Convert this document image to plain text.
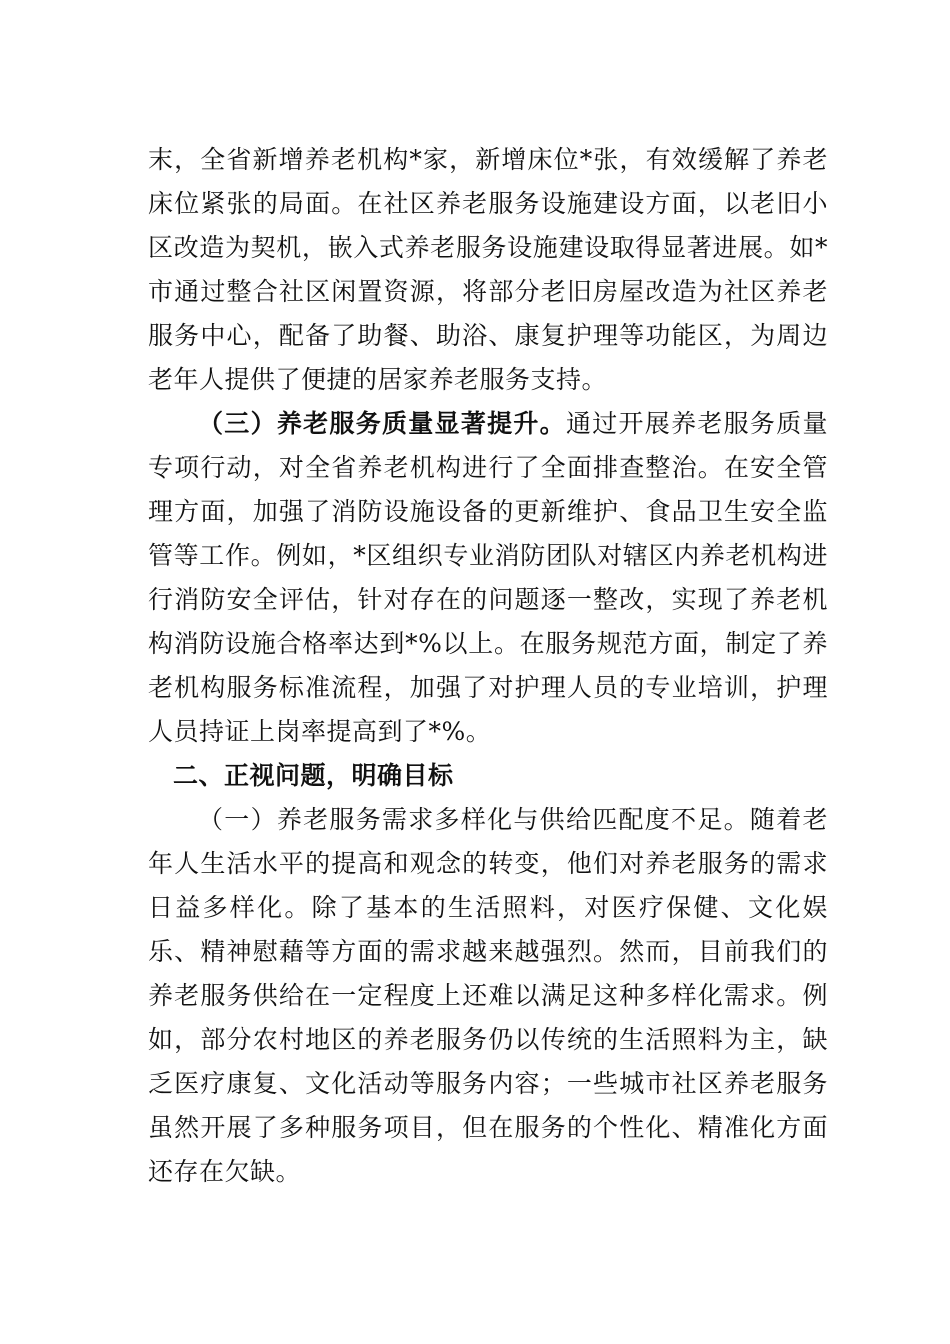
末，全省新增养老机构*家，新增床位*张，有效缓解了养老床位紧张的局面。在社区养老服务设施建设方面，以老旧小区改造为契机，嵌入式养老服务设施建设取得显著进展。如*市通过整合社区闲置资源，将部分老旧房屋改造为社区养老服务中心，配备了助餐、助浴、康复护理等功能区，为周边老年人提供了便捷的居家养老服务支持。

（三）养老服务质量显著提升。通过开展养老服务质量专项行动，对全省养老机构进行了全面排查整治。在安全管理方面，加强了消防设施设备的更新维护、食品卫生安全监管等工作。例如，*区组织专业消防团队对辖区内养老机构进行消防安全评估，针对存在的问题逐一整改，实现了养老机构消防设施合格率达到*%以上。在服务规范方面，制定了养老机构服务标准流程，加强了对护理人员的专业培训，护理人员持证上岗率提高到了*%。

二、正视问题，明确目标

（一）养老服务需求多样化与供给匹配度不足。随着老年人生活水平的提高和观念的转变，他们对养老服务的需求日益多样化。除了基本的生活照料，对医疗保健、文化娱乐、精神慰藉等方面的需求越来越强烈。然而，目前我们的养老服务供给在一定程度上还难以满足这种多样化需求。例如，部分农村地区的养老服务仍以传统的生活照料为主，缺乏医疗康复、文化活动等服务内容；一些城市社区养老服务虽然开展了多种服务项目，但在服务的个性化、精准化方面还存在欠缺。
